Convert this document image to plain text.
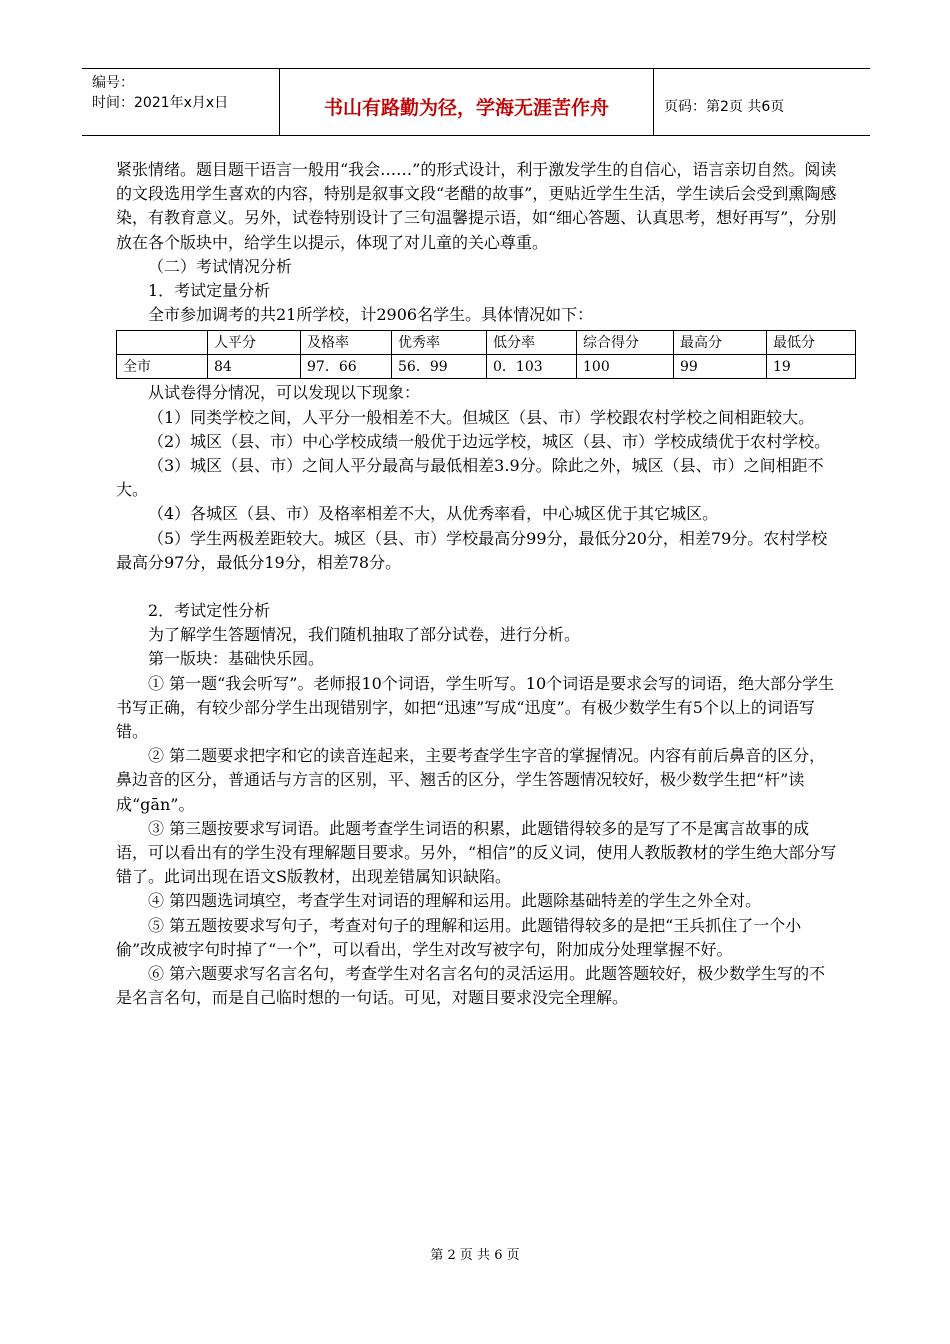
编号：
时间：2021年x月x日	书山有路勤为径，学海无涯苦作舟	页码：第2页 共6页

紧张情绪。题目题干语言一般用“我会……”的形式设计，利于激发学生的自信心，语言亲切自然。阅读的文段选用学生喜欢的内容，特别是叙事文段“老醋的故事”，更贴近学生生活，学生读后会受到熏陶感染，有教育意义。另外，试卷特别设计了三句温馨提示语，如“细心答题、认真思考，想好再写”，分别放在各个版块中，给学生以提示，体现了对儿童的关心尊重。

（二）考试情况分析

1．考试定量分析

全市参加调考的共21所学校，计2906名学生。具体情况如下：

	人平分	及格率	优秀率	低分率	综合得分	最高分	最低分
全市	84	97．66	56．99	0．103	100	99	19

从试卷得分情况，可以发现以下现象：

（1）同类学校之间，人平分一般相差不大。但城区（县、市）学校跟农村学校之间相距较大。

（2）城区（县、市）中心学校成绩一般优于边远学校，城区（县、市）学校成绩优于农村学校。

（3）城区（县、市）之间人平分最高与最低相差3.9分。除此之外，城区（县、市）之间相距不大。

（4）各城区（县、市）及格率相差不大，从优秀率看，中心城区优于其它城区。

（5）学生两极差距较大。城区（县、市）学校最高分99分，最低分20分，相差79分。农村学校最高分97分，最低分19分，相差78分。

2．考试定性分析

为了解学生答题情况，我们随机抽取了部分试卷，进行分析。

第一版块：基础快乐园。

① 第一题“我会听写”。老师报10个词语，学生听写。10个词语是要求会写的词语，绝大部分学生书写正确，有较少部分学生出现错别字，如把“迅速”写成“迅度”。有极少数学生有5个以上的词语写错。

② 第二题要求把字和它的读音连起来，主要考查学生字音的掌握情况。内容有前后鼻音的区分，鼻边音的区分，普通话与方言的区别，平、翘舌的区分，学生答题情况较好，极少数学生把“杆”读成“gān”。

③ 第三题按要求写词语。此题考查学生词语的积累，此题错得较多的是写了不是寓言故事的成语，可以看出有的学生没有理解题目要求。另外，“相信”的反义词，使用人教版教材的学生绝大部分写错了。此词出现在语文S版教材，出现差错属知识缺陷。

④ 第四题选词填空，考查学生对词语的理解和运用。此题除基础特差的学生之外全对。

⑤ 第五题按要求写句子，考查对句子的理解和运用。此题错得较多的是把“王兵抓住了一个小偷”改成被字句时掉了“一个”，可以看出，学生对改写被字句，附加成分处理掌握不好。

⑥ 第六题要求写名言名句，考查学生对名言名句的灵活运用。此题答题较好，极少数学生写的不是名言名句，而是自己临时想的一句话。可见，对题目要求没完全理解。

第 2 页 共 6 页
